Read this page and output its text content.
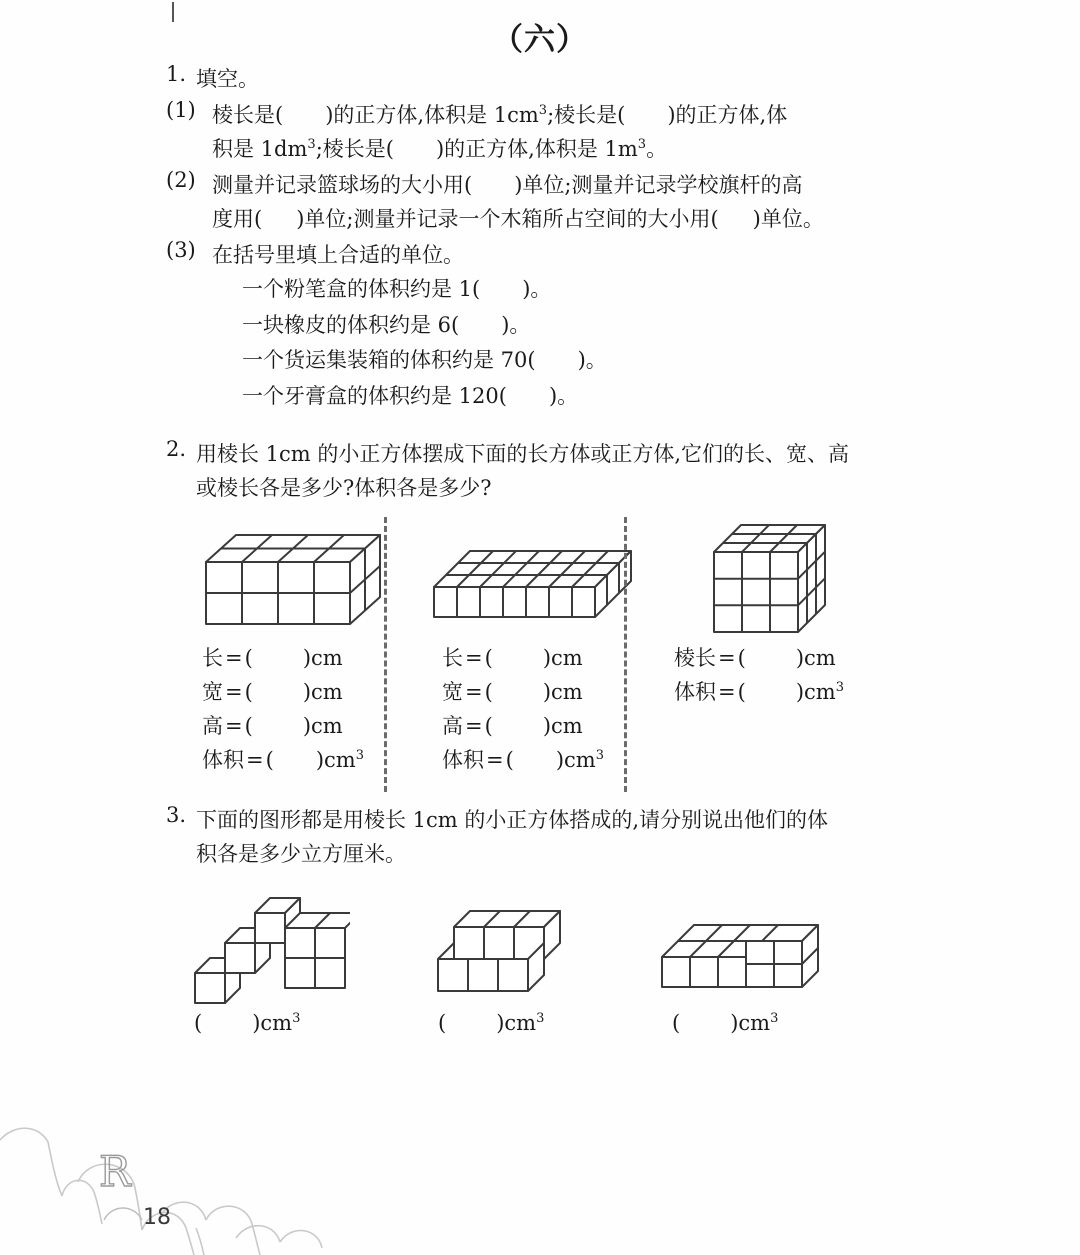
（六）
1. 填空。
(1) 棱长是( )的正方体,体积是 $1cm^3$;棱长是( )的正方体,体
积是 $1dm^3$;棱长是( )的正方体,体积是 $1m^3$。
(2) 测量并记录篮球场的大小用( )单位;测量并记录学校旗杆的高
度用( )单位;测量并记录一个木箱所占空间的大小用( )单位。
(3) 在括号里填上合适的单位。
一个粉笔盒的体积约是 1( )。
一块橡皮的体积约是 6( )。
一个货运集装箱的体积约是 70( )。
一个牙膏盒的体积约是 120( )。
2. 用棱长 1cm 的小正方体摆成下面的长方体或正方体,它们的长、宽、高
或棱长各是多少?体积各是多少?
长=( )cm
宽=( )cm
高=( )cm
体积=( )$cm^3$
长=( )cm
宽=( )cm
高=( )cm
体积=( )$cm^3$
棱长=( )cm
体积=( )$cm^3$
3. 下面的图形都是用棱长 1cm 的小正方体搭成的,请分别说出他们的体
积各是多少立方厘米。
( )$cm^3$	( )$cm^3$	( )$cm^3$
R
18
